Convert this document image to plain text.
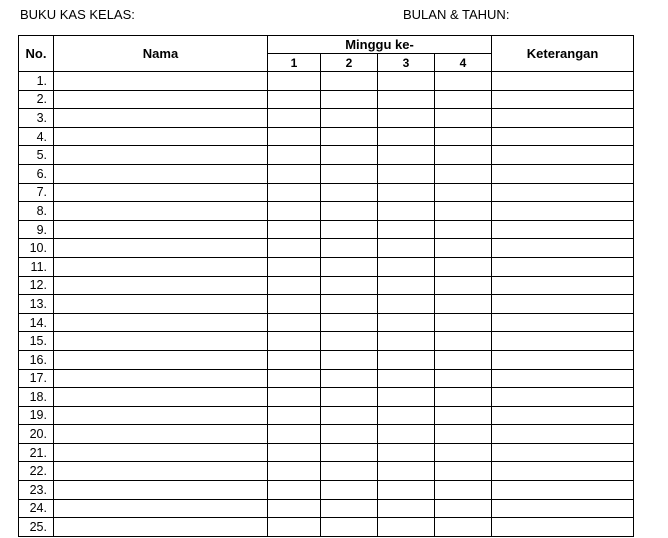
BUKU KAS KELAS:	BULAN & TAHUN:
No.	Nama	Minggu ke-				Keterangan
		1	2	3	4	
1.						
2.						
3.						
4.						
5.						
6.						
7.						
8.						
9.						
10.						
11.						
12.						
13.						
14.						
15.						
16.						
17.						
18.						
19.						
20.						
21.						
22.						
23.						
24.						
25.						
